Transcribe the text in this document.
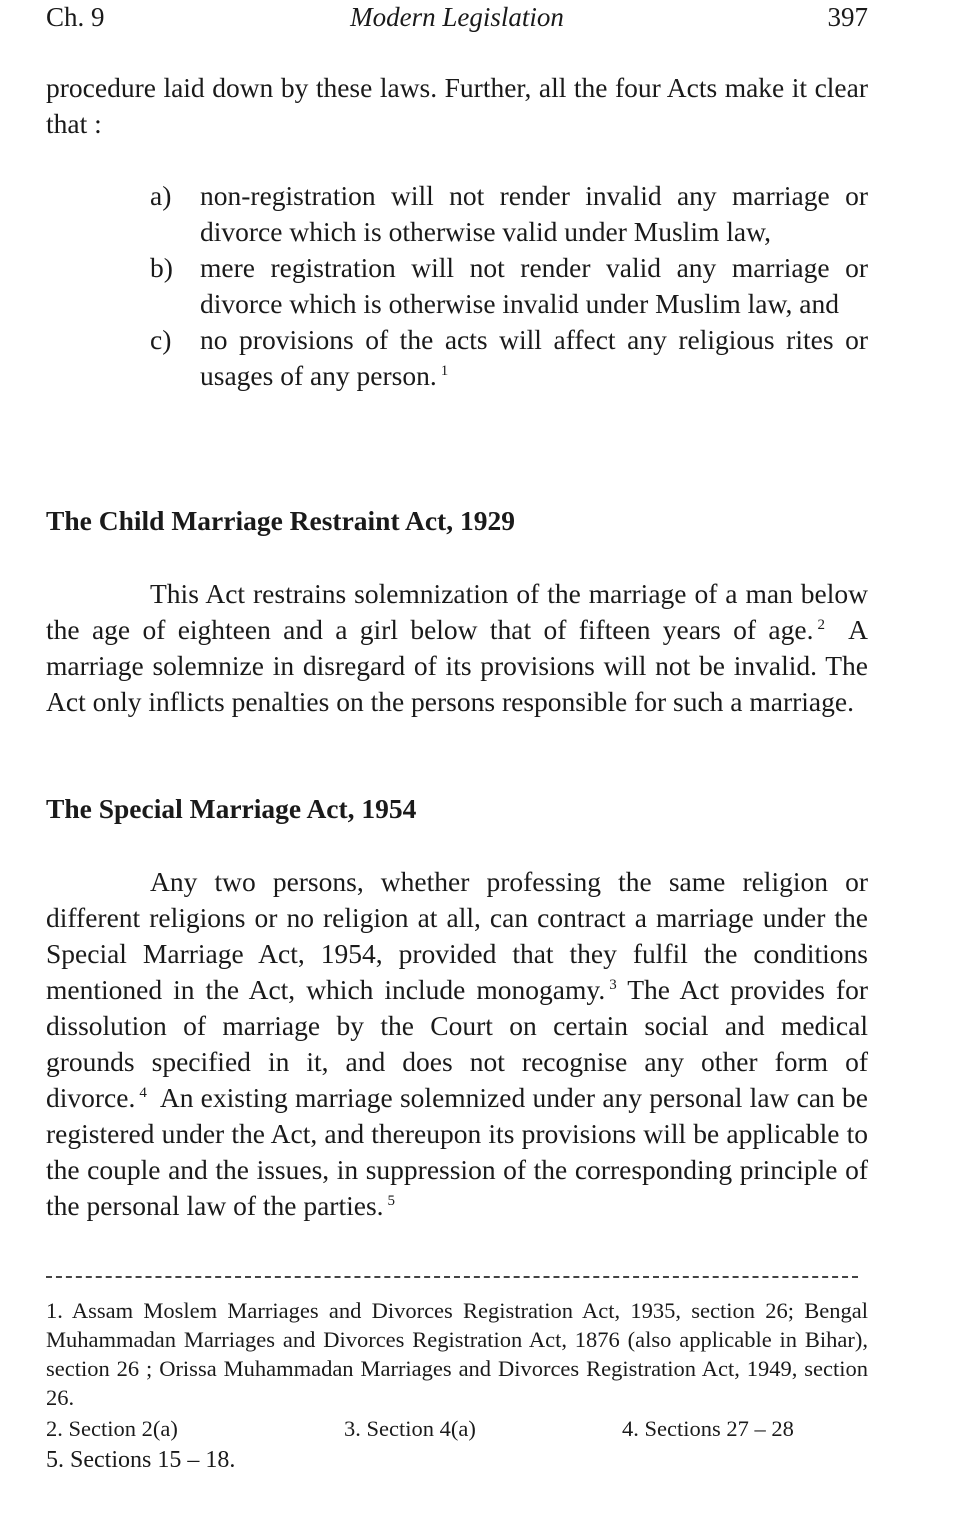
Ch. 9	Modern Legislation	397
procedure laid down by these laws. Further, all the four Acts make it clear that :
a)	non-registration will not render invalid any marriage or divorce which is otherwise valid under Muslim law,
b) mere registration will not render valid any marriage or divorce which is otherwise invalid under Muslim law, and
c)	no provisions of the acts will affect any religious rites or usages of any person. $^1$
The Child Marriage Restraint Act, 1929
This Act restrains solemnization of the marriage of a man below the age of eighteen and a girl below that of fifteen years of age. $^2$ A marriage solemnize in disregard of its provisions will not be invalid. The Act only inflicts penalties on the persons responsible for such a marriage.
The Special Marriage Act, 1954
Any two persons, whether professing the same religion or different religions or no religion at all, can contract a marriage under the Special Marriage Act, 1954, provided that they fulfil the conditions mentioned in the Act, which include monogamy. $^3$ The Act provides for dissolution of marriage by the Court on certain social and medical grounds specified in it, and does not recognise any other form of divorce. $^4$ An existing marriage solemnized under any personal law can be registered under the Act, and thereupon its provisions will be applicable to the couple and the issues, in suppression of the corresponding principle of the personal law of the parties. $^5$
1. Assam Moslem Marriages and Divorces Registration Act, 1935, section 26; Bengal Muhammadan Marriages and Divorces Registration Act, 1876 (also applicable in Bihar), section 26 ; Orissa Muhammadan Marriages and Divorces Registration Act, 1949, section 26.
2. Section 2(a)	3. Section 4(a)	4. Sections 27 – 28
5. Sections 15 – 18.
